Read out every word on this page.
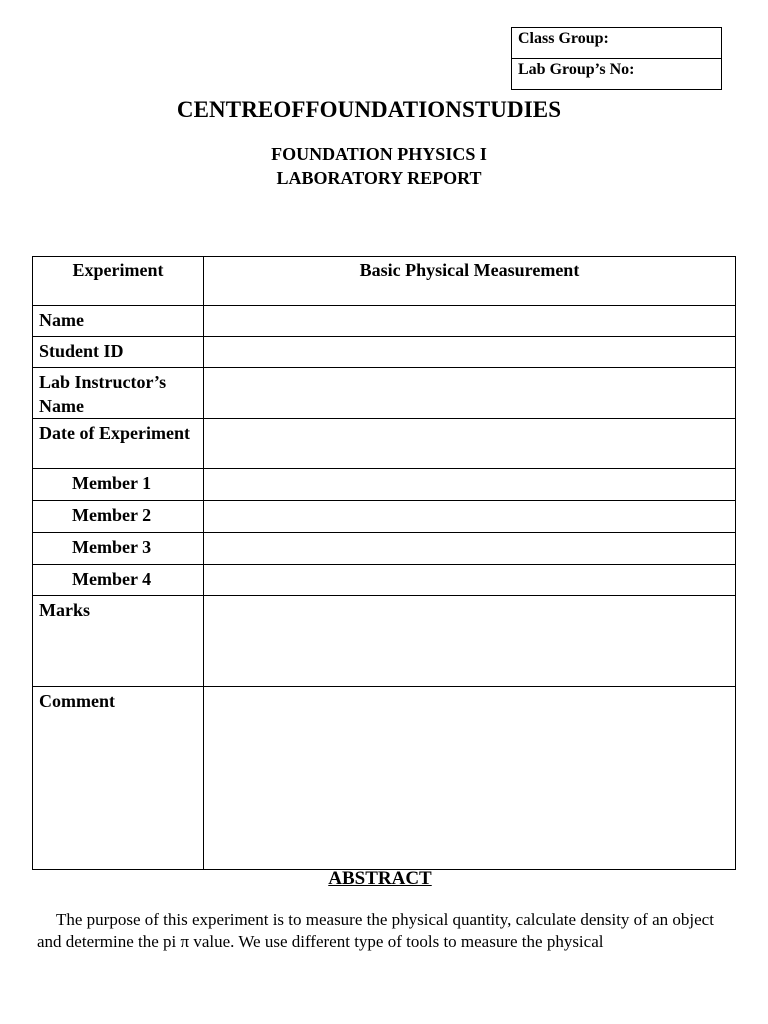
Class Group:
Lab Group’s No:
CENTREOFFOUNDATIONSTUDIES
FOUNDATION PHYSICS I
LABORATORY REPORT
Experiment	Basic Physical Measurement
Name	
Student ID	
Lab Instructor’s Name	
Date of Experiment	
Member 1	
Member 2	
Member 3	
Member 4	
Marks	
Comment	
ABSTRACT
The purpose of this experiment is to measure the physical quantity, calculate density of an object and determine the pi π value. We use different type of tools to measure the physical
